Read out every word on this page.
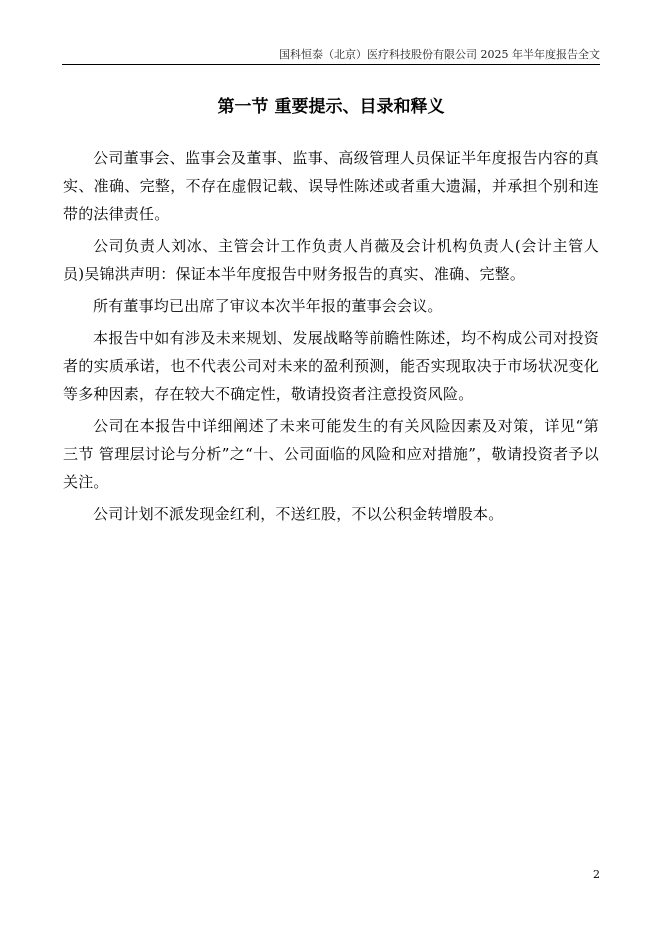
国科恒泰（北京）医疗科技股份有限公司 2025 年半年度报告全文
第一节 重要提示、目录和释义

公司董事会、监事会及董事、监事、高级管理人员保证半年度报告内容的真实、准确、完整，不存在虚假记载、误导性陈述或者重大遗漏，并承担个别和连带的法律责任。

公司负责人刘冰、主管会计工作负责人肖薇及会计机构负责人(会计主管人员)吴锦洪声明：保证本半年度报告中财务报告的真实、准确、完整。

所有董事均已出席了审议本次半年报的董事会会议。

本报告中如有涉及未来规划、发展战略等前瞻性陈述，均不构成公司对投资者的实质承诺，也不代表公司对未来的盈利预测，能否实现取决于市场状况变化等多种因素，存在较大不确定性，敬请投资者注意投资风险。

公司在本报告中详细阐述了未来可能发生的有关风险因素及对策，详见“第三节 管理层讨论与分析”之“十、公司面临的风险和应对措施”，敬请投资者予以关注。

公司计划不派发现金红利，不送红股，不以公积金转增股本。

2
